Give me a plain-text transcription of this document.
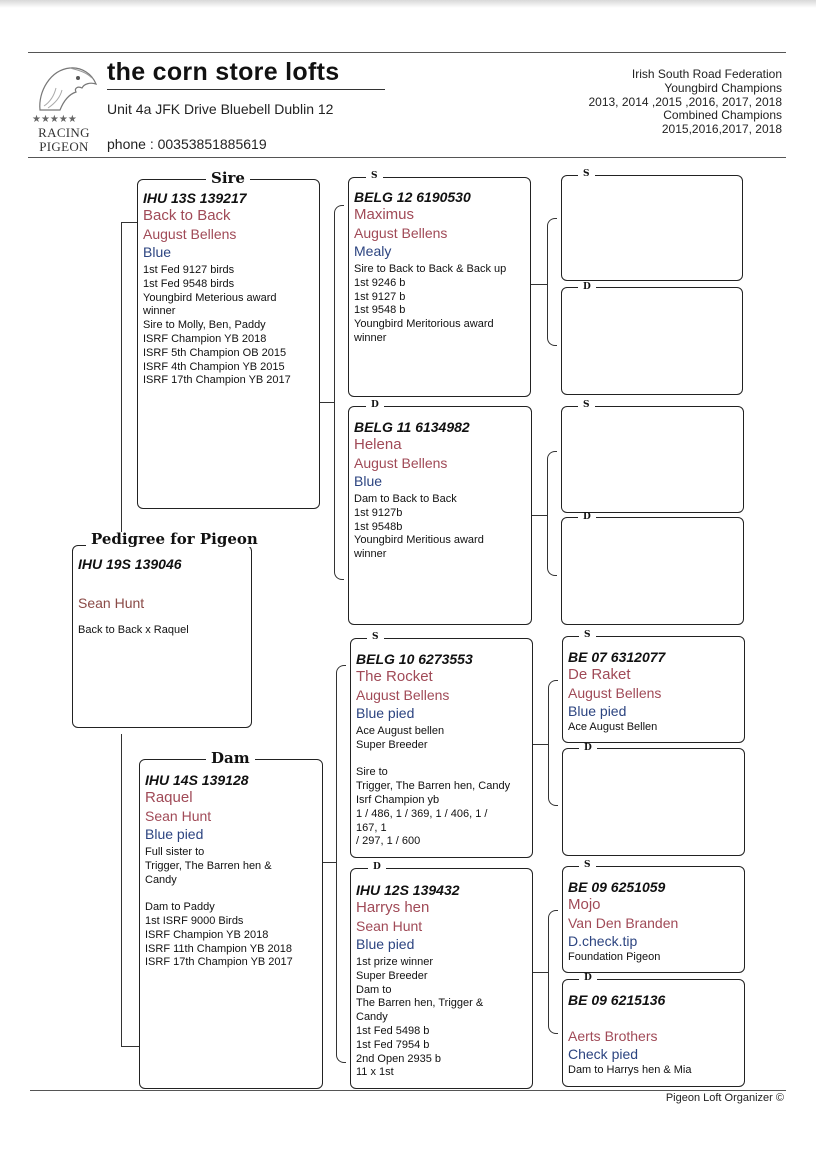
★★★★★
RACING
PIGEON
the corn store lofts
Unit 4a JFK Drive Bluebell Dublin 12
phone : 00353851885619
Irish South Road Federation
Youngbird Champions
2013, 2014 ,2015 ,2016, 2017, 2018
Combined Champions
2015,2016,2017, 2018
IHU 19S 139046
Sean Hunt
Back to Back x Raquel
Pedigree for Pigeon
IHU 13S 139217
Back to Back
August Bellens
Blue
1st Fed 9127 birds
1st Fed 9548 birds
Youngbird Meterious award
winner
Sire to Molly, Ben, Paddy
ISRF Champion YB 2018
ISRF 5th Champion OB 2015
ISRF 4th Champion YB 2015
ISRF 17th Champion YB 2017
Sire
IHU 14S 139128
Raquel
Sean Hunt
Blue pied
Full sister to
Trigger, The Barren hen &
Candy
Dam to Paddy
1st ISRF 9000 Birds
ISRF Champion YB 2018
ISRF 11th Champion YB 2018
ISRF 17th Champion YB 2017
Dam
BELG 12 6190530
Maximus
August Bellens
Mealy
Sire to Back to Back & Back up
1st 9246 b
1st 9127 b
1st 9548 b
Youngbird Meritorious award
winner
S
BELG 11 6134982
Helena
August Bellens
Blue
Dam to Back to Back
1st 9127b
1st 9548b
Youngbird Meritious award
winner
D
BELG 10 6273553
The Rocket
August Bellens
Blue pied
Ace August bellen
Super Breeder
Sire to
Trigger, The Barren hen, Candy
Isrf Champion yb
1 / 486, 1 / 369, 1 / 406, 1 /
167, 1
/ 297, 1 / 600
S
IHU 12S 139432
Harrys hen
Sean Hunt
Blue pied
1st prize winner
Super Breeder
Dam to
The Barren hen, Trigger &
Candy
1st Fed 5498 b
1st Fed 7954 b
2nd Open 2935 b
11 x 1st
D
S
D
S
D
BE 07 6312077
De Raket
August Bellens
Blue pied
Ace August Bellen
S
D
BE 09 6251059
Mojo
Van Den Branden
D.check.tip
Foundation Pigeon
S
BE 09 6215136
Aerts Brothers
Check pied
Dam to Harrys hen & Mia
D
Pigeon Loft Organizer ©
